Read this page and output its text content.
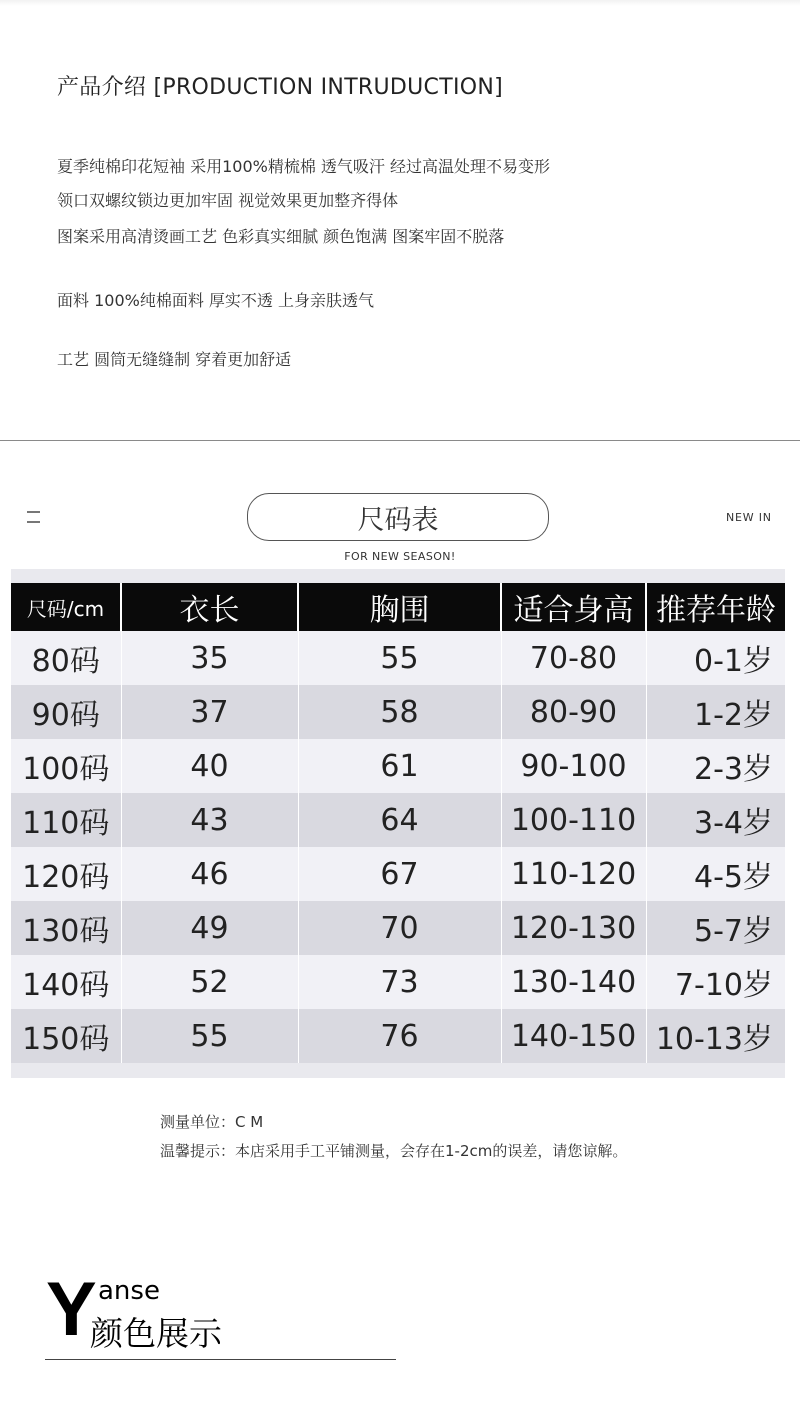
产品介绍 [PRODUCTION INTRUDUCTION]
夏季纯棉印花短袖 采用100%精梳棉 透气吸汗 经过高温处理不易变形
领口双螺纹锁边更加牢固 视觉效果更加整齐得体
图案采用高清烫画工艺 色彩真实细腻 颜色饱满 图案牢固不脱落
面料 100%纯棉面料 厚实不透 上身亲肤透气
工艺 圆筒无缝缝制 穿着更加舒适
尺码表	NEW IN
FOR NEW SEASON!
尺码/cm	衣长	胸围	适合身高	推荐年龄
80码	35	55	70-80	0-1岁
90码	37	58	80-90	1-2岁
100码	40	61	90-100	2-3岁
110码	43	64	100-110	3-4岁
120码	46	67	110-120	4-5岁
130码	49	70	120-130	5-7岁
140码	52	73	130-140	7-10岁
150码	55	76	140-150	10-13岁
测量单位：C M
温馨提示：本店采用手工平铺测量，会存在1-2cm的误差，请您谅解。
Y anse
颜色展示
